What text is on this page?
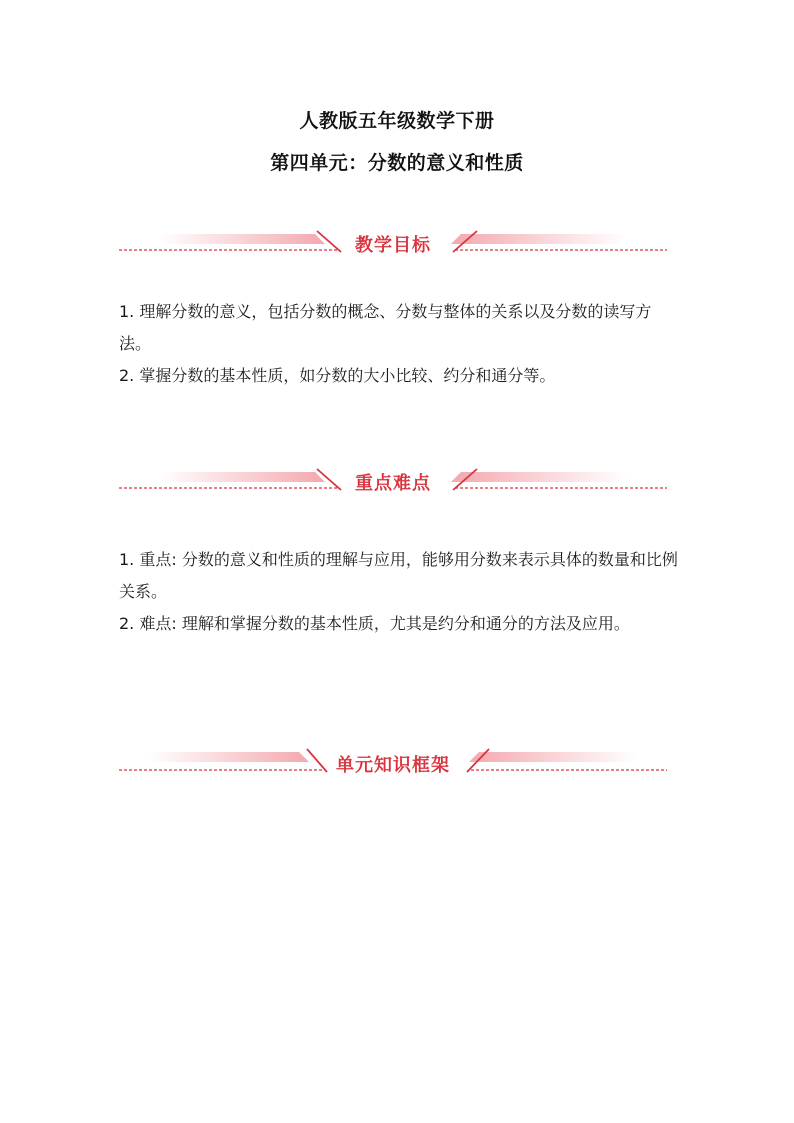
人教版五年级数学下册
第四单元：分数的意义和性质
教学目标

1. 理解分数的意义，包括分数的概念、分数与整体的关系以及分数的读写方法。

2. 掌握分数的基本性质，如分数的大小比较、约分和通分等。

重点难点

1. 重点: 分数的意义和性质的理解与应用，能够用分数来表示具体的数量和比例关系。

2. 难点: 理解和掌握分数的基本性质，尤其是约分和通分的方法及应用。

单元知识框架
